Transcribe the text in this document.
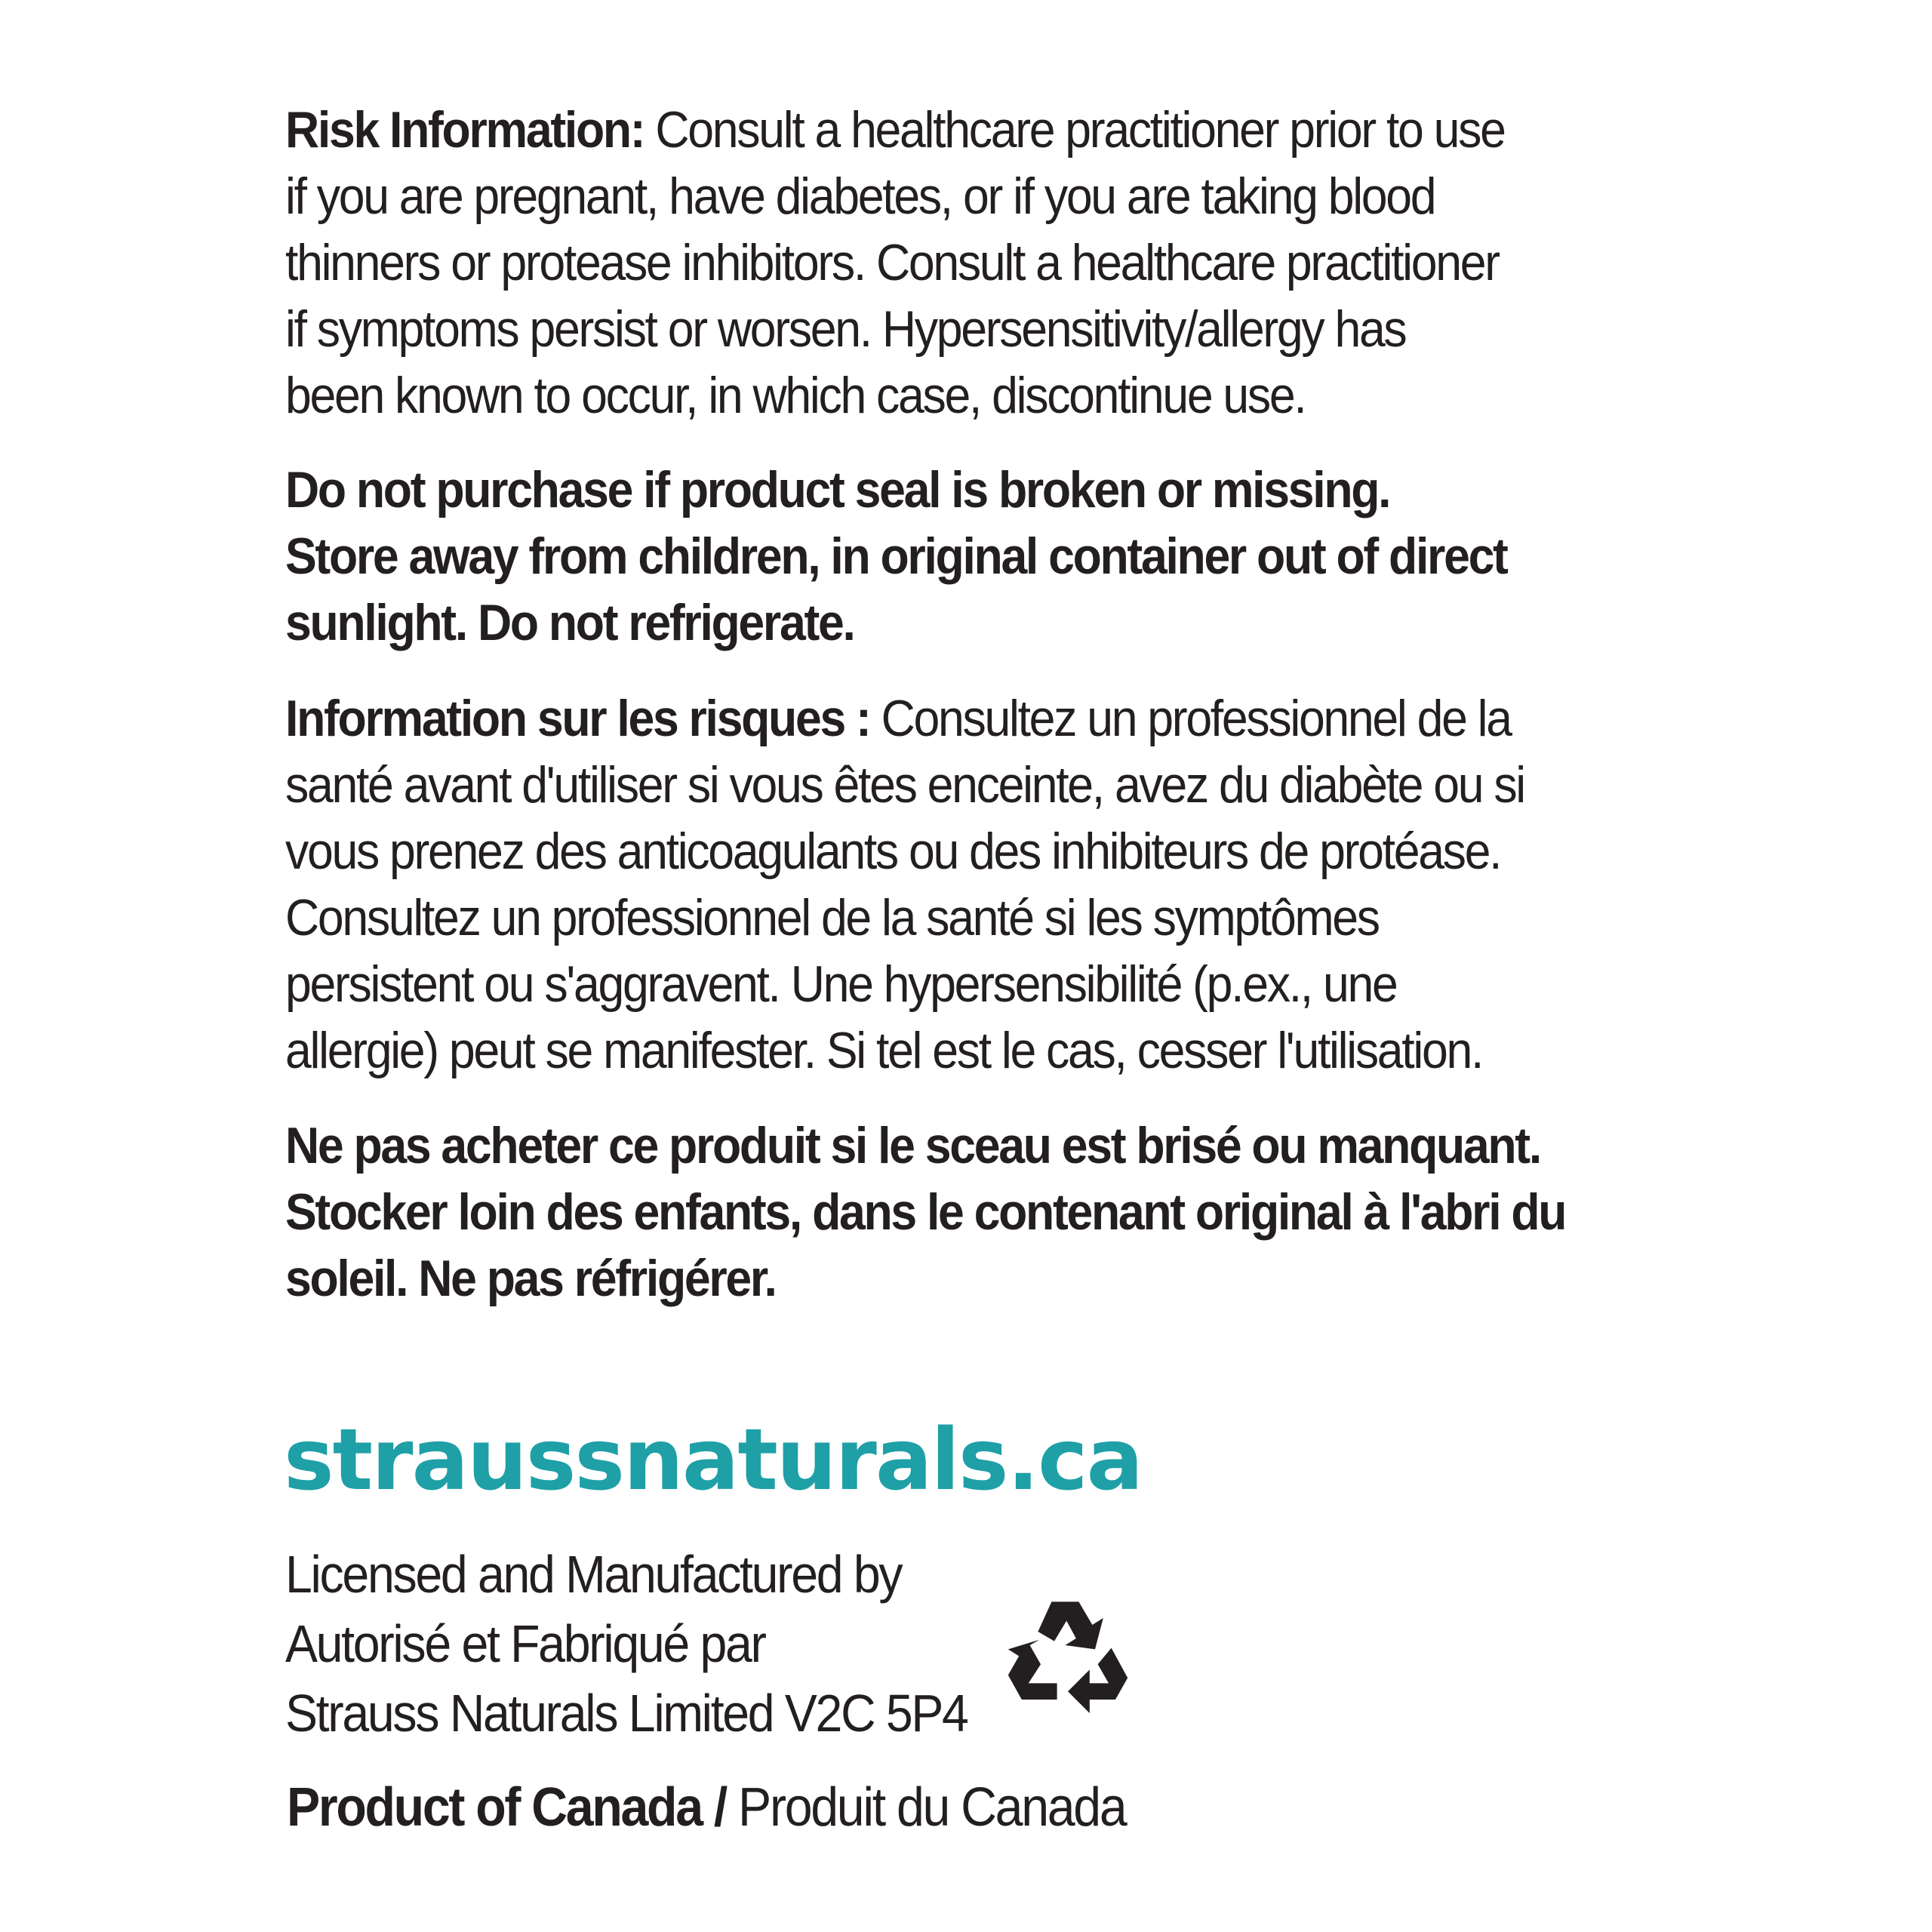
Risk Information: Consult a healthcare practitioner prior to use
if you are pregnant, have diabetes, or if you are taking blood
thinners or protease inhibitors. Consult a healthcare practitioner
if symptoms persist or worsen. Hypersensitivity/allergy has
been known to occur, in which case, discontinue use.
Do not purchase if product seal is broken or missing.
Store away from children, in original container out of direct
sunlight. Do not refrigerate.
Information sur les risques : Consultez un professionnel de la
santé avant d'utiliser si vous êtes enceinte, avez du diabète ou si
vous prenez des anticoagulants ou des inhibiteurs de protéase.
Consultez un professionnel de la santé si les symptômes
persistent ou s'aggravent. Une hypersensibilité (p.ex., une
allergie) peut se manifester. Si tel est le cas, cesser l'utilisation.
Ne pas acheter ce produit si le sceau est brisé ou manquant.
Stocker loin des enfants, dans le contenant original à l'abri du
soleil. Ne pas réfrigérer.
straussnaturals.ca
Licensed and Manufactured by
Autorisé et Fabriqué par
Strauss Naturals Limited V2C 5P4
Product of Canada / Produit du Canada
